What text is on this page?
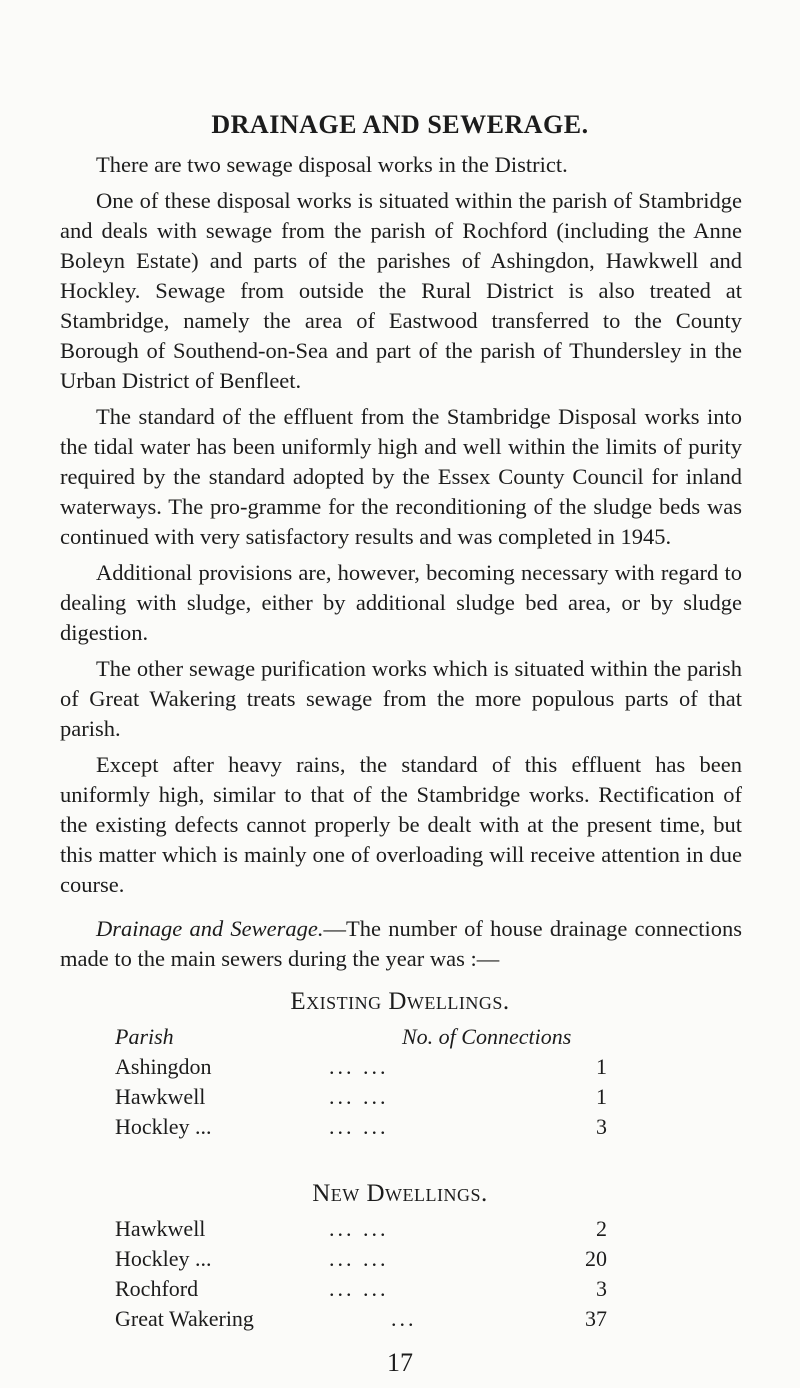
DRAINAGE AND SEWERAGE.

There are two sewage disposal works in the District.

One of these disposal works is situated within the parish of Stambridge and deals with sewage from the parish of Rochford (including the Anne Boleyn Estate) and parts of the parishes of Ashingdon, Hawkwell and Hockley. Sewage from outside the Rural District is also treated at Stambridge, namely the area of Eastwood transferred to the County Borough of Southend-on-Sea and part of the parish of Thundersley in the Urban District of Benfleet.

The standard of the effluent from the Stambridge Disposal works into the tidal water has been uniformly high and well within the limits of purity required by the standard adopted by the Essex County Council for inland waterways. The pro-gramme for the reconditioning of the sludge beds was continued with very satisfactory results and was completed in 1945.

Additional provisions are, however, becoming necessary with regard to dealing with sludge, either by additional sludge bed area, or by sludge digestion.

The other sewage purification works which is situated within the parish of Great Wakering treats sewage from the more populous parts of that parish.

Except after heavy rains, the standard of this effluent has been uniformly high, similar to that of the Stambridge works. Rectification of the existing defects cannot properly be dealt with at the present time, but this matter which is mainly one of overloading will receive attention in due course.

Drainage and Sewerage.—The number of house drainage connections made to the main sewers during the year was :—

Existing Dwellings.
Parish	No. of Connections
Ashingdon	... ...	1
Hawkwell	... ...	1
Hockley ...	... ...	3
New Dwellings.
Hawkwell	... ...	2
Hockley ...	... ...	20
Rochford	... ...	3
Great Wakering	...	37
17
